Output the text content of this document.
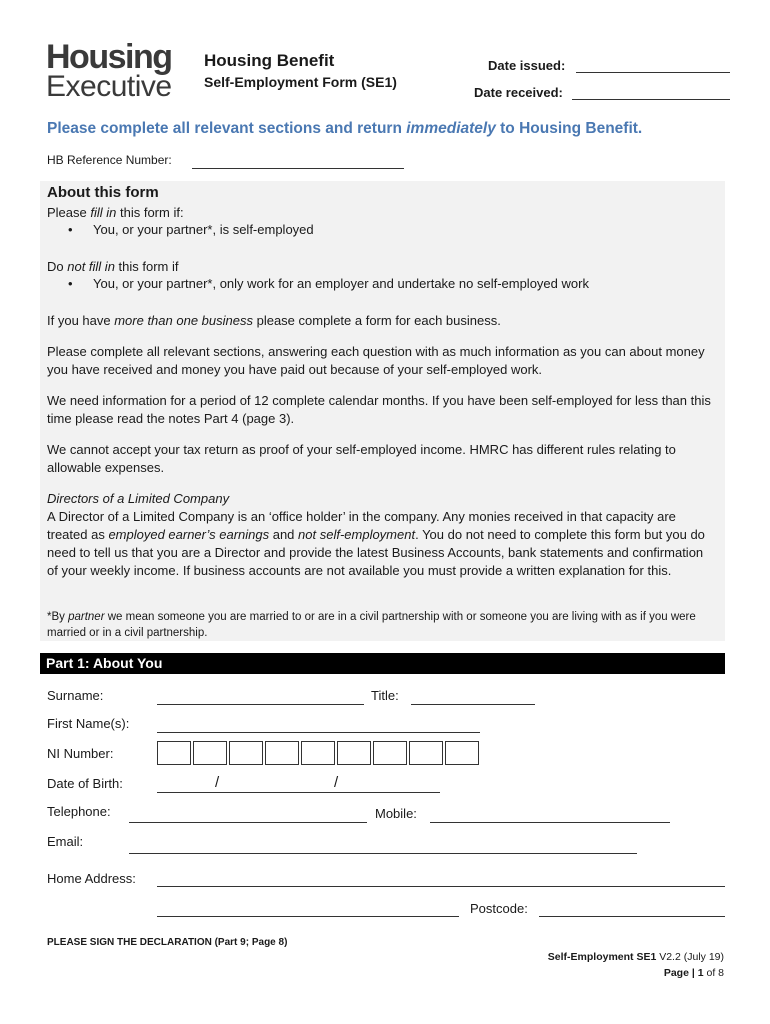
Housing
Executive
Housing Benefit
Self-Employment Form (SE1)
Date issued:
Date received:
Please complete all relevant sections and return immediately to Housing Benefit.
HB Reference Number:
About this form
Please fill in this form if:
• You, or your partner*, is self-employed
Do not fill in this form if
• You, or your partner*, only work for an employer and undertake no self-employed work
If you have more than one business please complete a form for each business.
Please complete all relevant sections, answering each question with as much information as you can about money you have received and money you have paid out because of your self-employed work.
We need information for a period of 12 complete calendar months. If you have been self-employed for less than this time please read the notes Part 4 (page 3).
We cannot accept your tax return as proof of your self-employed income. HMRC has different rules relating to allowable expenses.
Directors of a Limited Company
A Director of a Limited Company is an ‘office holder’ in the company. Any monies received in that capacity are treated as employed earner’s earnings and not self-employment. You do not need to complete this form but you do need to tell us that you are a Director and provide the latest Business Accounts, bank statements and confirmation of your weekly income. If business accounts are not available you must provide a written explanation for this.
*By partner we mean someone you are married to or are in a civil partnership with or someone you are living with as if you were married or in a civil partnership.
Part 1: About You
Surname:	Title:
First Name(s):
NI Number:
Date of Birth:	/	/
Telephone:	Mobile:
Email:
Home Address:
Postcode:
PLEASE SIGN THE DECLARATION (Part 9; Page 8)
Self-Employment SE1 V2.2 (July 19)
Page | 1 of 8
